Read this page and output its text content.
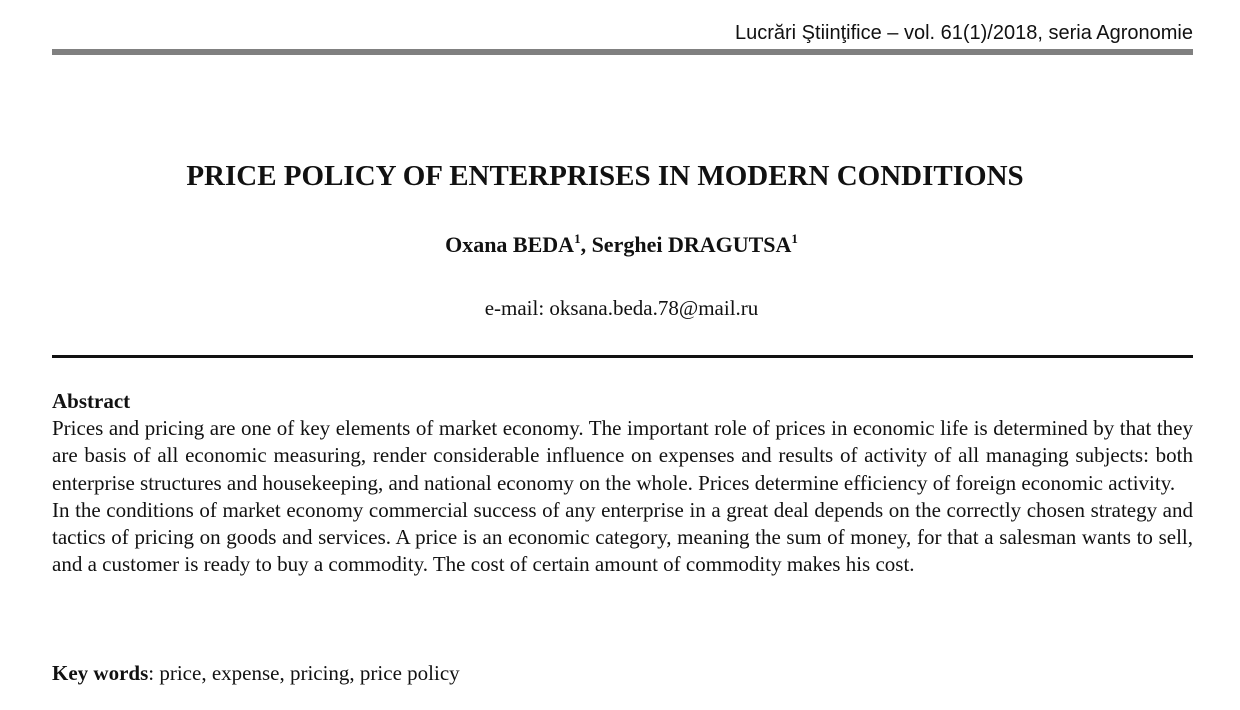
Lucrări Ştiinţifice – vol. 61(1)/2018, seria Agronomie
PRICE POLICY OF ENTERPRISES IN MODERN CONDITIONS
Oxana BEDA$^1$, Serghei DRAGUTSA$^1$
e-mail: oksana.beda.78@mail.ru
Abstract

Prices and pricing are one of key elements of market economy. The important role of prices in economic life is determined by that they are basis of all economic measuring, render considerable influence on expenses and results of activity of all managing subjects: both enterprise structures and housekeeping, and national economy on the whole. Prices determine efficiency of foreign economic activity.

In the conditions of market economy commercial success of any enterprise in a great deal depends on the correctly chosen strategy and tactics of pricing on goods and services. A price is an economic category, meaning the sum of money, for that a salesman wants to sell, and a customer is ready to buy a commodity. The cost of certain amount of commodity makes his cost.

Key words: price, expense, pricing, price policy
